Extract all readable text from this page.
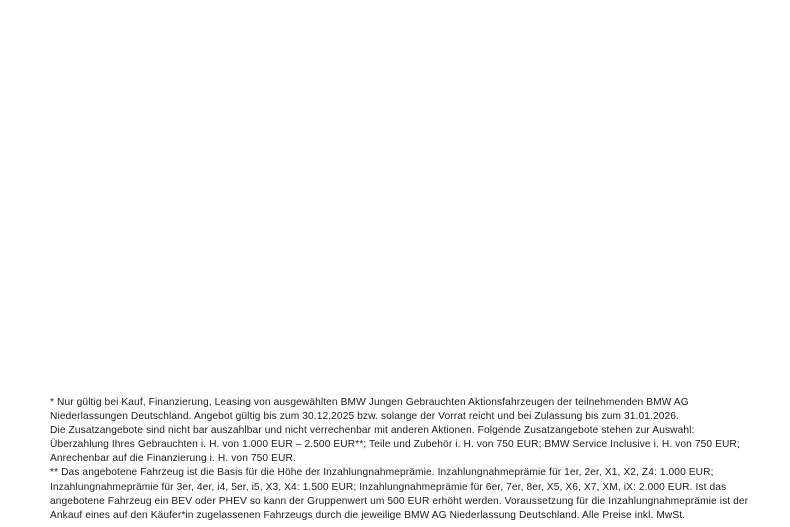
* Nur gültig bei Kauf, Finanzierung, Leasing von ausgewählten BMW Jungen Gebrauchten Aktionsfahrzeugen der teilnehmenden BMW AG Niederlassungen Deutschland. Angebot gültig bis zum 30.12.2025 bzw. solange der Vorrat reicht und bei Zulassung bis zum 31.01.2026.

Die Zusatzangebote sind nicht bar auszahlbar und nicht verrechenbar mit anderen Aktionen. Folgende Zusatzangebote stehen zur Auswahl: Überzahlung Ihres Gebrauchten i. H. von 1.000 EUR – 2.500 EUR**; Teile und Zubehör i. H. von 750 EUR; BMW Service Inclusive i. H. von 750 EUR; Anrechenbar auf die Finanzierung i. H. von 750 EUR.

** Das angebotene Fahrzeug ist die Basis für die Höhe der Inzahlungnahmeprämie. Inzahlungnahmeprämie für 1er, 2er, X1, X2, Z4: 1.000 EUR; Inzahlungnahmeprämie für 3er, 4er, i4, 5er, i5, X3, X4: 1.500 EUR; Inzahlungnahmeprämie für 6er, 7er, 8er, X5, X6, X7, XM, iX: 2.000 EUR. Ist das angebotene Fahrzeug ein BEV oder PHEV so kann der Gruppenwert um 500 EUR erhöht werden. Voraussetzung für die Inzahlungnahmeprämie ist der Ankauf eines auf den Käufer*in zugelassenen Fahrzeugs durch die jeweilige BMW AG Niederlassung Deutschland. Alle Preise inkl. MwSt.
